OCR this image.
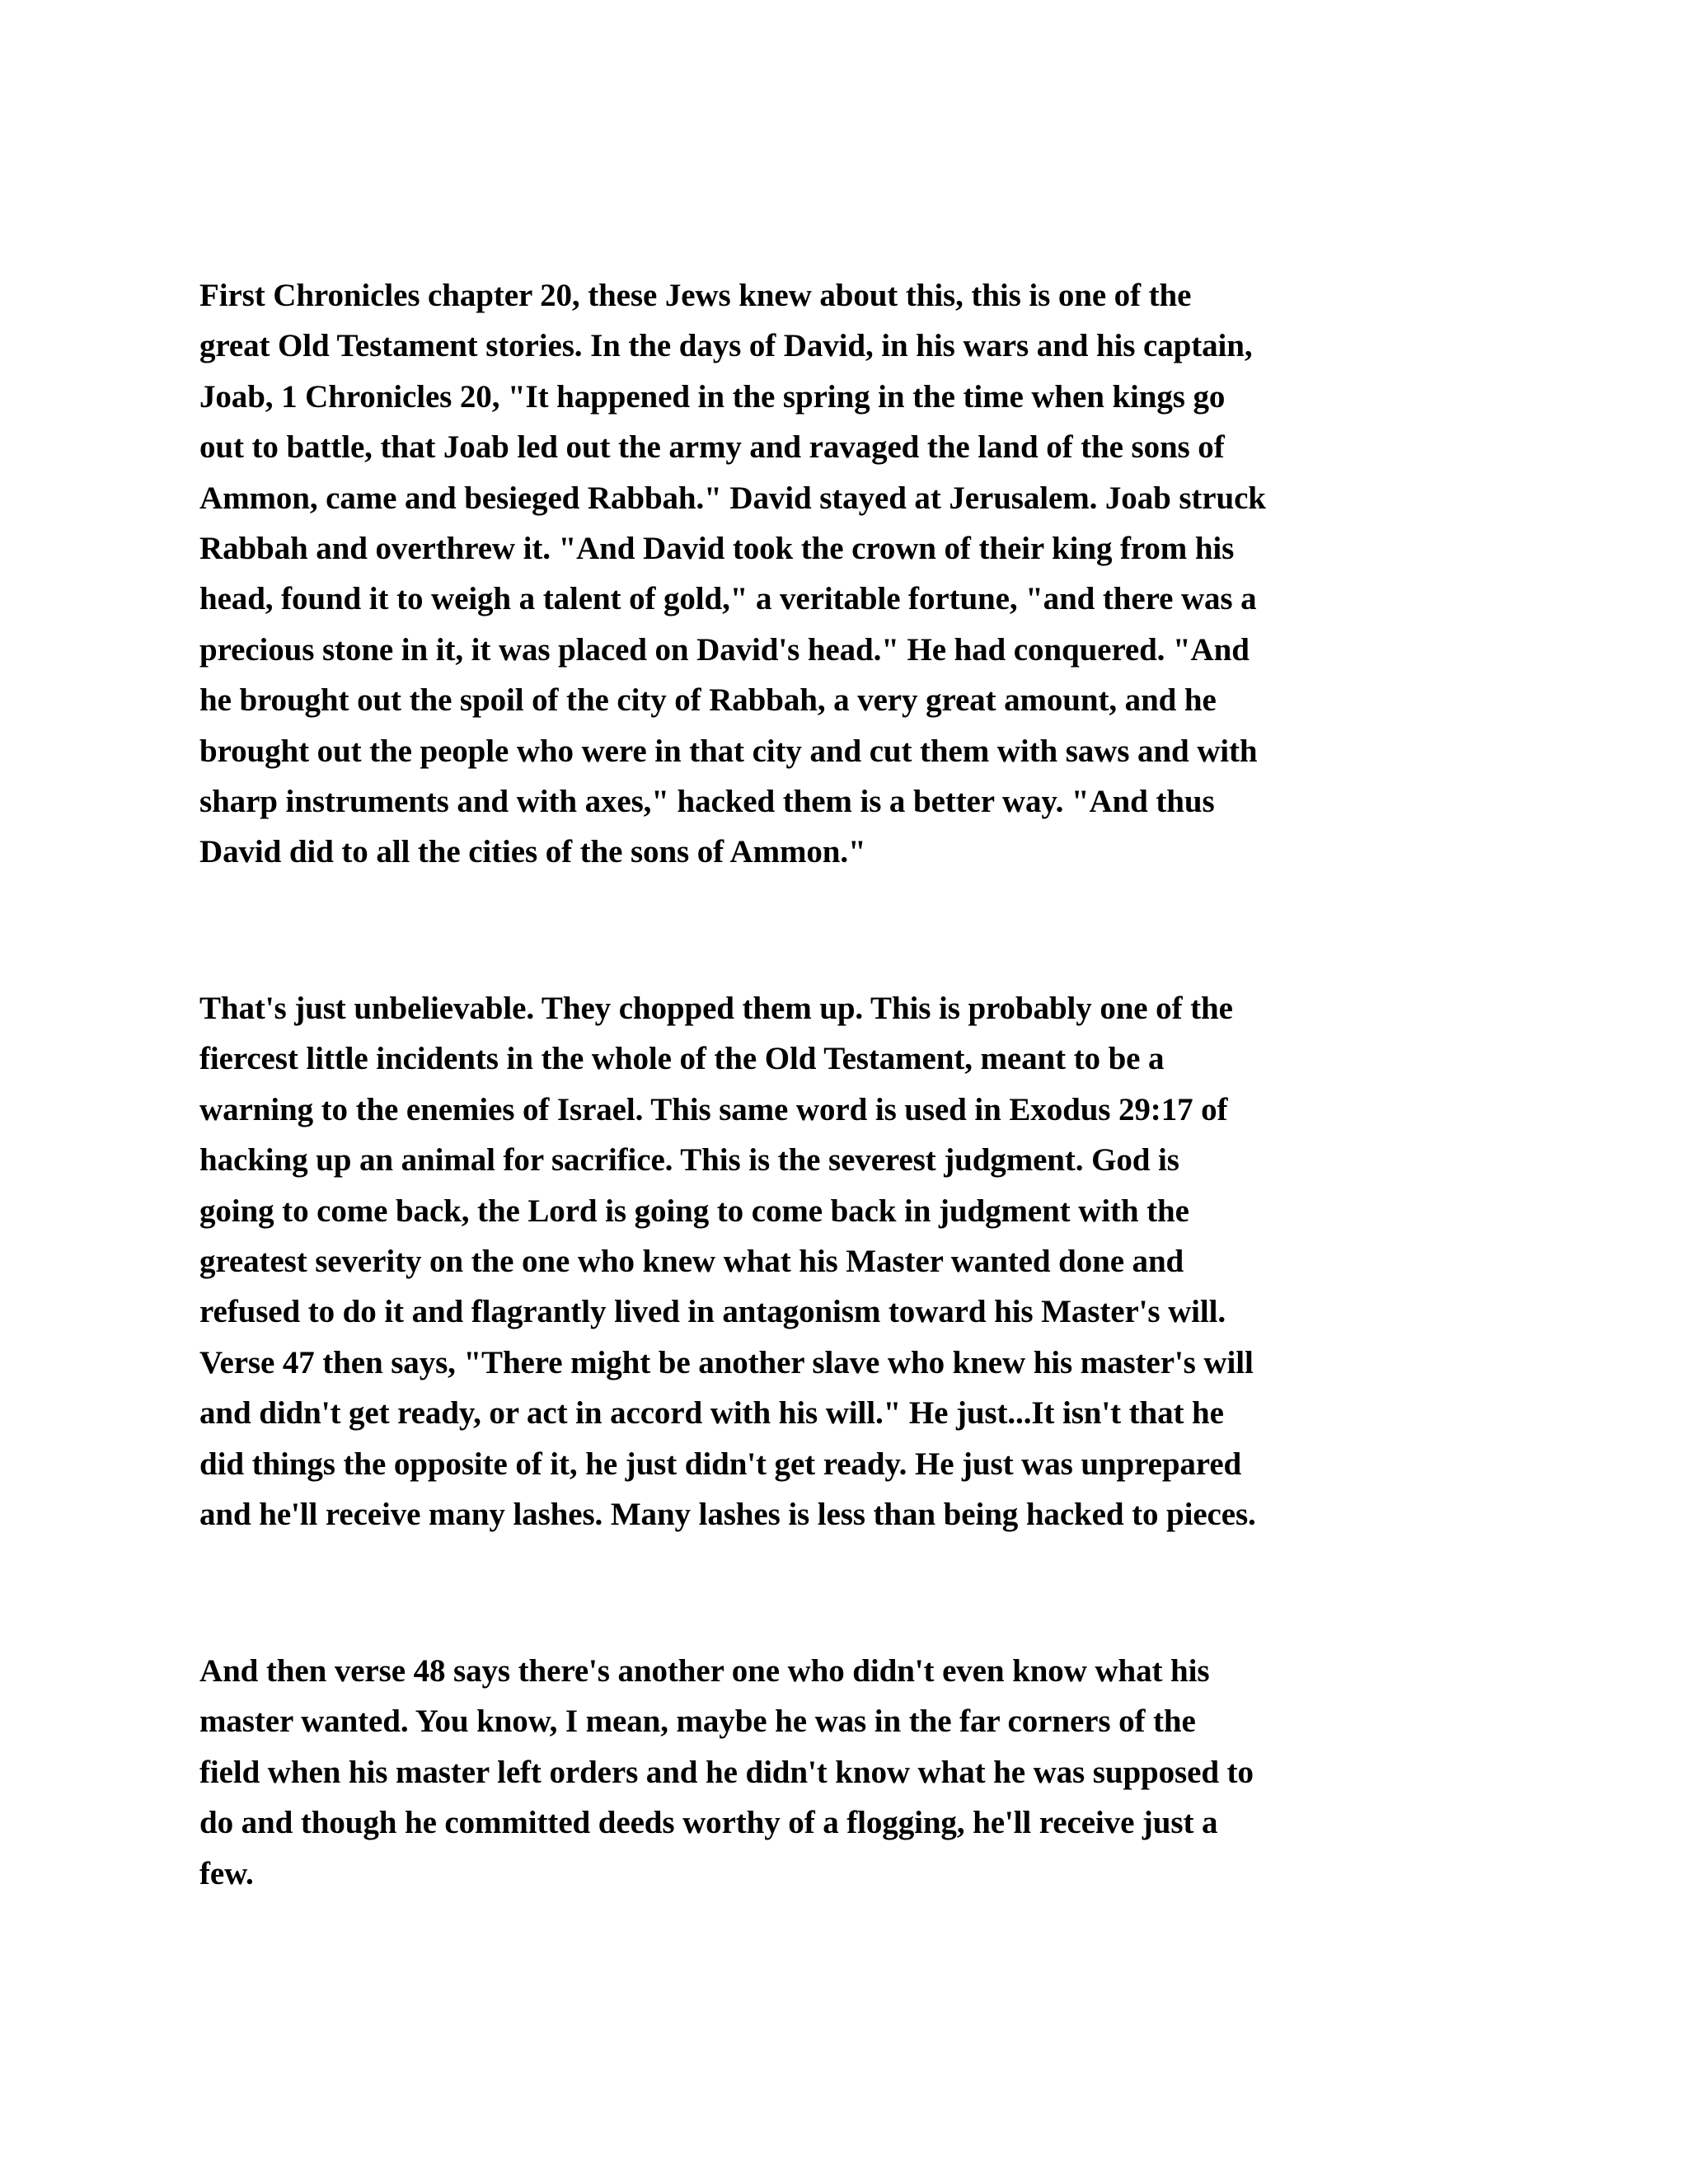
First Chronicles chapter 20, these Jews knew about this, this is one of the
great Old Testament stories. In the days of David, in his wars and his captain,
Joab, 1 Chronicles 20, "It happened in the spring in the time when kings go
out to battle, that Joab led out the army and ravaged the land of the sons of
Ammon, came and besieged Rabbah." David stayed at Jerusalem. Joab struck
Rabbah and overthrew it. "And David took the crown of their king from his
head, found it to weigh a talent of gold," a veritable fortune, "and there was a
precious stone in it, it was placed on David's head." He had conquered. "And
he brought out the spoil of the city of Rabbah, a very great amount, and he
brought out the people who were in that city and cut them with saws and with
sharp instruments and with axes," hacked them is a better way. "And thus
David did to all the cities of the sons of Ammon."
That's just unbelievable. They chopped them up. This is probably one of the
fiercest little incidents in the whole of the Old Testament, meant to be a
warning to the enemies of Israel. This same word is used in Exodus 29:17 of
hacking up an animal for sacrifice. This is the severest judgment. God is
going to come back, the Lord is going to come back in judgment with the
greatest severity on the one who knew what his Master wanted done and
refused to do it and flagrantly lived in antagonism toward his Master's will.
Verse 47 then says, "There might be another slave who knew his master's will
and didn't get ready, or act in accord with his will." He just...It isn't that he
did things the opposite of it, he just didn't get ready. He just was unprepared
and he'll receive many lashes. Many lashes is less than being hacked to pieces.
And then verse 48 says there's another one who didn't even know what his
master wanted. You know, I mean, maybe he was in the far corners of the
field when his master left orders and he didn't know what he was supposed to
do and though he committed deeds worthy of a flogging, he'll receive just a
few.
